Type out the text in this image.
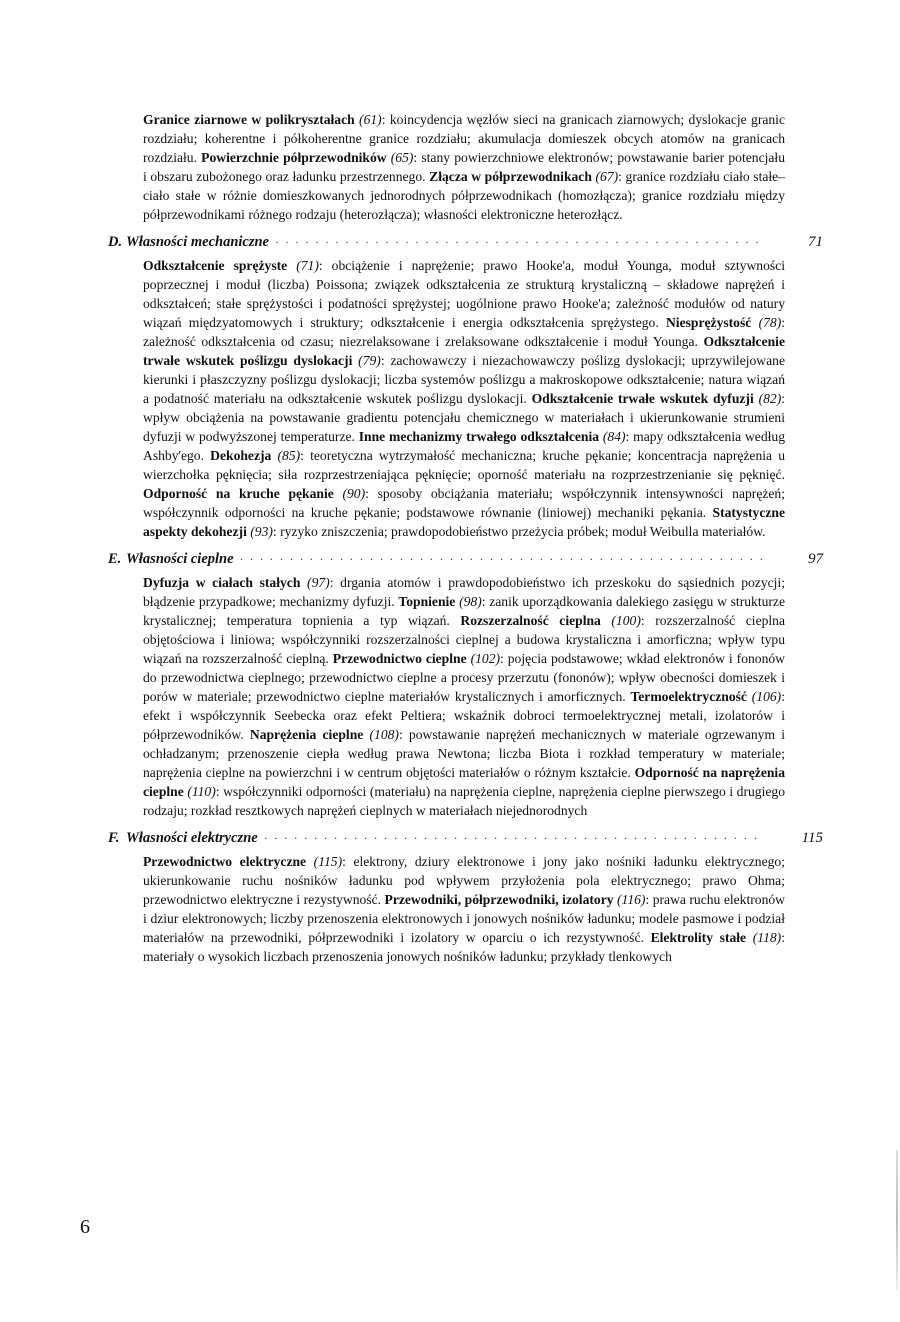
Granice ziarnowe w polikryształach (61): koincydencja węzłów sieci na granicach ziarnowych; dyslokacje granic rozdziału; koherentne i półkoherentne granice rozdziału; akumulacja domieszek obcych atomów na granicach rozdziału. Powierzchnie półprzewodników (65): stany powierzchniowe elektronów; powstawanie barier potencjału i obszaru zubożonego oraz ładunku przestrzennego. Złącza w półprzewodnikach (67): granice rozdziału ciało stałe–ciało stałe w różnie domieszkowanych jednorodnych półprzewodnikach (homozłącza); granice rozdziału między półprzewodnikami różnego rodzaju (heterozłącza); własności elektroniczne heterozłącz.

D. Własności mechaniczne ·····	71

Odkształcenie sprężyste (71): obciążenie i naprężenie; prawo Hooke'a, moduł Younga, moduł sztywności poprzecznej i moduł (liczba) Poissona; związek odkształcenia ze strukturą krystaliczną – składowe naprężeń i odkształceń; stałe sprężystości i podatności sprężystej; uogólnione prawo Hooke'a; zależność modułów od natury wiązań międzyatomowych i struktury; odkształcenie i energia odkształcenia sprężystego. Niesprężystość (78): zależność odkształcenia od czasu; niezrelaksowane i zrelaksowane odkształcenie i moduł Younga. Odkształcenie trwałe wskutek poślizgu dyslokacji (79): zachowawczy i niezachowawczy poślizg dyslokacji; uprzywilejowane kierunki i płaszczyzny poślizgu dyslokacji; liczba systemów poślizgu a makroskopowe odkształcenie; natura wiązań a podatność materiału na odkształcenie wskutek poślizgu dyslokacji. Odkształcenie trwałe wskutek dyfuzji (82): wpływ obciążenia na powstawanie gradientu potencjału chemicznego w materiałach i ukierunkowanie strumieni dyfuzji w podwyższonej temperaturze. Inne mechanizmy trwałego odkształcenia (84): mapy odkształcenia według Ashby'ego. Dekohezja (85): teoretyczna wytrzymałość mechaniczna; kruche pękanie; koncentracja naprężenia u wierzchołka pęknięcia; siła rozprzestrzeniająca pęknięcie; oporność materiału na rozprzestrzenianie się pęknięć. Odporność na kruche pękanie (90): sposoby obciążania materiału; współczynnik intensywności naprężeń; współczynnik odporności na kruche pękanie; podstawowe równanie (liniowej) mechaniki pękania. Statystyczne aspekty dekohezji (93): ryzyko zniszczenia; prawdopodobieństwo przeżycia próbek; moduł Weibulla materiałów.

E. Własności cieplne ·····	97

Dyfuzja w ciałach stałych (97): drgania atomów i prawdopodobieństwo ich przeskoku do sąsiednich pozycji; błądzenie przypadkowe; mechanizmy dyfuzji. Topnienie (98): zanik uporządkowania dalekiego zasięgu w strukturze krystalicznej; temperatura topnienia a typ wiązań. Rozszerzalność cieplna (100): rozszerzalność cieplna objętościowa i liniowa; współczynniki rozszerzalności cieplnej a budowa krystaliczna i amorficzna; wpływ typu wiązań na rozszerzalność cieplną. Przewodnictwo cieplne (102): pojęcia podstawowe; wkład elektronów i fononów do przewodnictwa cieplnego; przewodnictwo cieplne a procesy przerzutu (fononów); wpływ obecności domieszek i porów w materiale; przewodnictwo cieplne materiałów krystalicznych i amorficznych. Termoelektryczność (106): efekt i współczynnik Seebecka oraz efekt Peltiera; wskaźnik dobroci termoelektrycznej metali, izolatorów i półprzewodników. Naprężenia cieplne (108): powstawanie naprężeń mechanicznych w materiale ogrzewanym i ochładzanym; przenoszenie ciepła według prawa Newtona; liczba Biota i rozkład temperatury w materiale; naprężenia cieplne na powierzchni i w centrum objętości materiałów o różnym kształcie. Odporność na naprężenia cieplne (110): współczynniki odporności (materiału) na naprężenia cieplne, naprężenia cieplne pierwszego i drugiego rodzaju; rozkład resztkowych naprężeń cieplnych w materiałach niejednorodnych

F. Własności elektryczne ·····	115

Przewodnictwo elektryczne (115): elektrony, dziury elektronowe i jony jako nośniki ładunku elektrycznego; ukierunkowanie ruchu nośników ładunku pod wpływem przyłożenia pola elektrycznego; prawo Ohma; przewodnictwo elektryczne i rezystywność. Przewodniki, półprzewodniki, izolatory (116): prawa ruchu elektronów i dziur elektronowych; liczby przenoszenia elektronowych i jonowych nośników ładunku; modele pasmowe i podział materiałów na przewodniki, półprzewodniki i izolatory w oparciu o ich rezystywność. Elektrolity stałe (118): materiały o wysokich liczbach przenoszenia jonowych nośników ładunku; przykłady tlenkowych

6
